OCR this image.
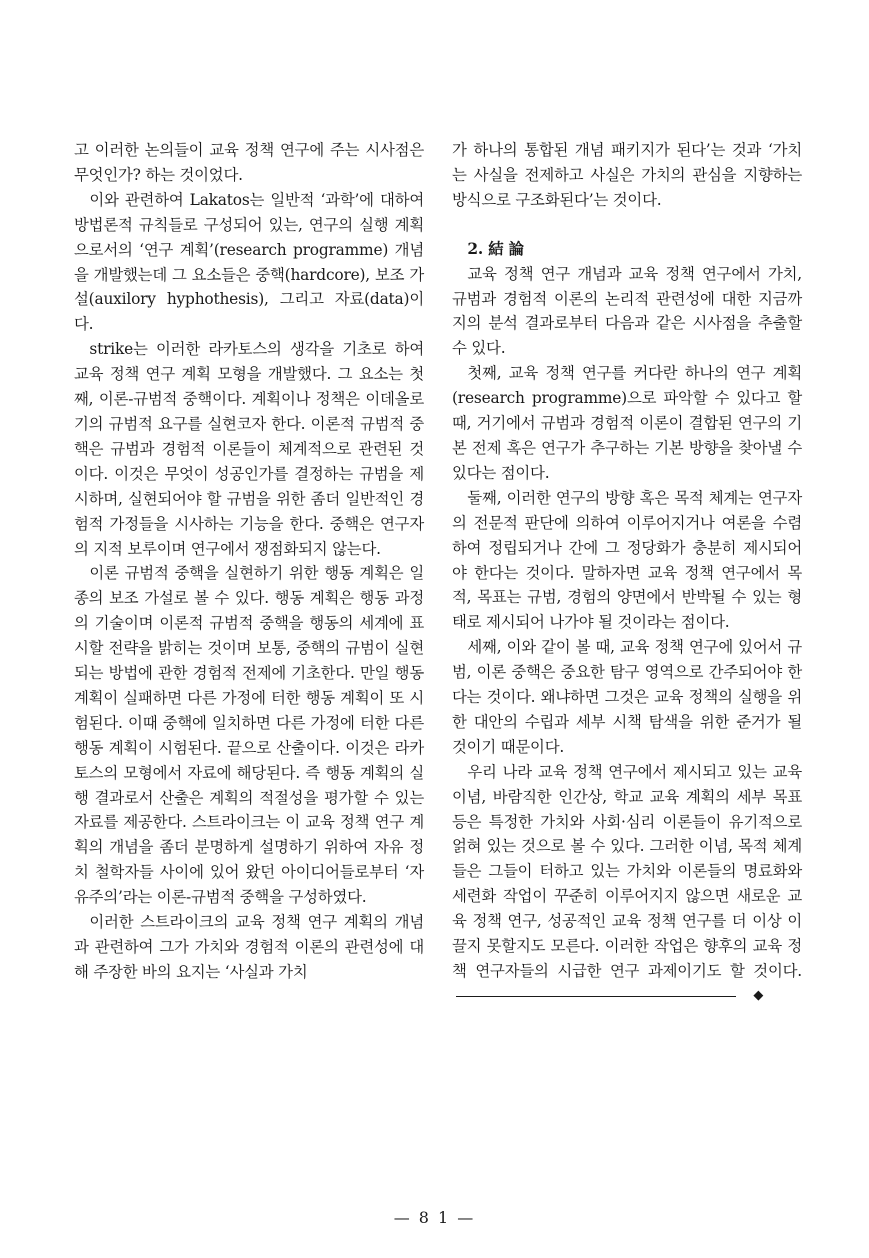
고 이러한 논의들이 교육 정책 연구에 주는 시사점은 무엇인가? 하는 것이었다.

이와 관련하여 Lakatos는 일반적 ‘과학’에 대하여 방법론적 규칙들로 구성되어 있는, 연구의 실행 계획으로서의 ‘연구 계획’(research programme) 개념을 개발했는데 그 요소들은 중핵(hardcore), 보조 가설(auxilory hyphothesis), 그리고 자료(data)이다.

strike는 이러한 라카토스의 생각을 기초로 하여 교육 정책 연구 계획 모형을 개발했다. 그 요소는 첫째, 이론-규범적 중핵이다. 계획이나 정책은 이데올로기의 규범적 요구를 실현코자 한다. 이론적 규범적 중핵은 규범과 경험적 이론들이 체계적으로 관련된 것이다. 이것은 무엇이 성공인가를 결정하는 규범을 제시하며, 실현되어야 할 규범을 위한 좀더 일반적인 경험적 가정들을 시사하는 기능을 한다. 중핵은 연구자의 지적 보루이며 연구에서 쟁점화되지 않는다.

이론 규범적 중핵을 실현하기 위한 행동 계획은 일종의 보조 가설로 볼 수 있다. 행동 계획은 행동 과정의 기술이며 이론적 규범적 중핵을 행동의 세계에 표시할 전략을 밝히는 것이며 보통, 중핵의 규범이 실현되는 방법에 관한 경험적 전제에 기초한다. 만일 행동 계획이 실패하면 다른 가정에 터한 행동 계획이 또 시험된다. 이때 중핵에 일치하면 다른 가정에 터한 다른 행동 계획이 시험된다. 끝으로 산출이다. 이것은 라카토스의 모형에서 자료에 해당된다. 즉 행동 계획의 실행 결과로서 산출은 계획의 적절성을 평가할 수 있는 자료를 제공한다. 스트라이크는 이 교육 정책 연구 계획의 개념을 좀더 분명하게 설명하기 위하여 자유 정치 철학자들 사이에 있어 왔던 아이디어들로부터 ‘자유주의’라는 이론-규범적 중핵을 구성하였다.

이러한 스트라이크의 교육 정책 연구 계획의 개념과 관련하여 그가 가치와 경험적 이론의 관련성에 대해 주장한 바의 요지는 ‘사실과 가치

가 하나의 통합된 개념 패키지가 된다’는 것과 ‘가치는 사실을 전제하고 사실은 가치의 관심을 지향하는 방식으로 구조화된다’는 것이다.

2. 結 論

교육 정책 연구 개념과 교육 정책 연구에서 가치, 규범과 경험적 이론의 논리적 관련성에 대한 지금까지의 분석 결과로부터 다음과 같은 시사점을 추출할 수 있다.

첫째, 교육 정책 연구를 커다란 하나의 연구 계획(research programme)으로 파악할 수 있다고 할 때, 거기에서 규범과 경험적 이론이 결합된 연구의 기본 전제 혹은 연구가 추구하는 기본 방향을 찾아낼 수 있다는 점이다.

둘째, 이러한 연구의 방향 혹은 목적 체계는 연구자의 전문적 판단에 의하여 이루어지거나 여론을 수렴하여 정립되거나 간에 그 정당화가 충분히 제시되어야 한다는 것이다. 말하자면 교육 정책 연구에서 목적, 목표는 규범, 경험의 양면에서 반박될 수 있는 형태로 제시되어 나가야 될 것이라는 점이다.

세째, 이와 같이 볼 때, 교육 정책 연구에 있어서 규범, 이론 중핵은 중요한 탐구 영역으로 간주되어야 한다는 것이다. 왜냐하면 그것은 교육 정책의 실행을 위한 대안의 수립과 세부 시책 탐색을 위한 준거가 될 것이기 때문이다.

우리 나라 교육 정책 연구에서 제시되고 있는 교육 이념, 바람직한 인간상, 학교 교육 계획의 세부 목표 등은 특정한 가치와 사회·심리 이론들이 유기적으로 얽혀 있는 것으로 볼 수 있다. 그러한 이념, 목적 체계들은 그들이 터하고 있는 가치와 이론들의 명료화와 세련화 작업이 꾸준히 이루어지지 않으면 새로운 교육 정책 연구, 성공적인 교육 정책 연구를 더 이상 이끌지 못할지도 모른다. 이러한 작업은 향후의 교육 정책 연구자들의 시급한 연구 과제이기도 할 것이다.◆

— 8 1 —
